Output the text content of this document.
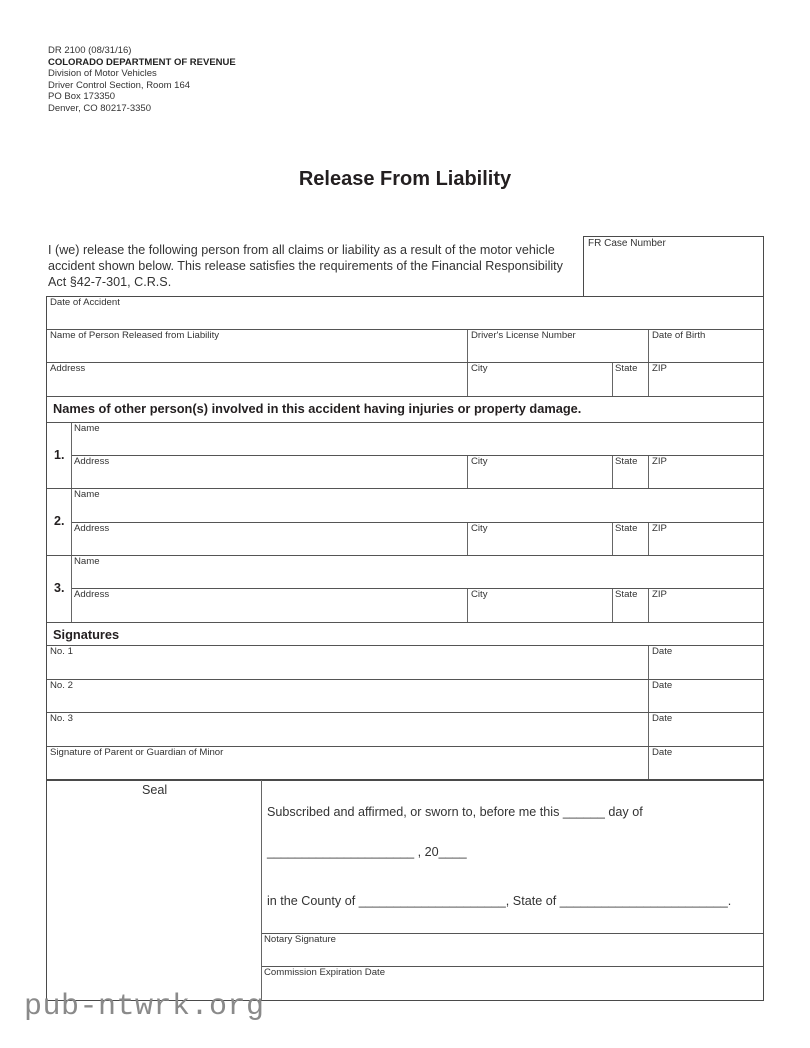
DR 2100 (08/31/16)
COLORADO DEPARTMENT OF REVENUE
Division of Motor Vehicles
Driver Control Section, Room 164
PO Box 173350
Denver, CO 80217-3350
Release From Liability
I (we) release the following person from all claims or liability as a result of the motor vehicle accident shown below. This release satisfies the requirements of the Financial Responsibility Act §42-7-301, C.R.S.
FR Case Number
Date of Accident
Name of Person Released from Liability	Driver's License Number	Date of Birth
Address	City	State ZIP
Names of other person(s) involved in this accident having injuries or property damage.
1.
Name
Address	City	State ZIP
2.
Name
Address	City	State ZIP
3.
Name
Address	City	State ZIP
Signatures
No. 1	Date
No. 2	Date
No. 3	Date
Signature of Parent or Guardian of Minor	Date
Seal
Subscribed and affirmed, or sworn to, before me this ______ day of
_____________________ , 20____
in the County of _____________________, State of ________________________.
Notary Signature
Commission Expiration Date
pub-ntwrk.org
